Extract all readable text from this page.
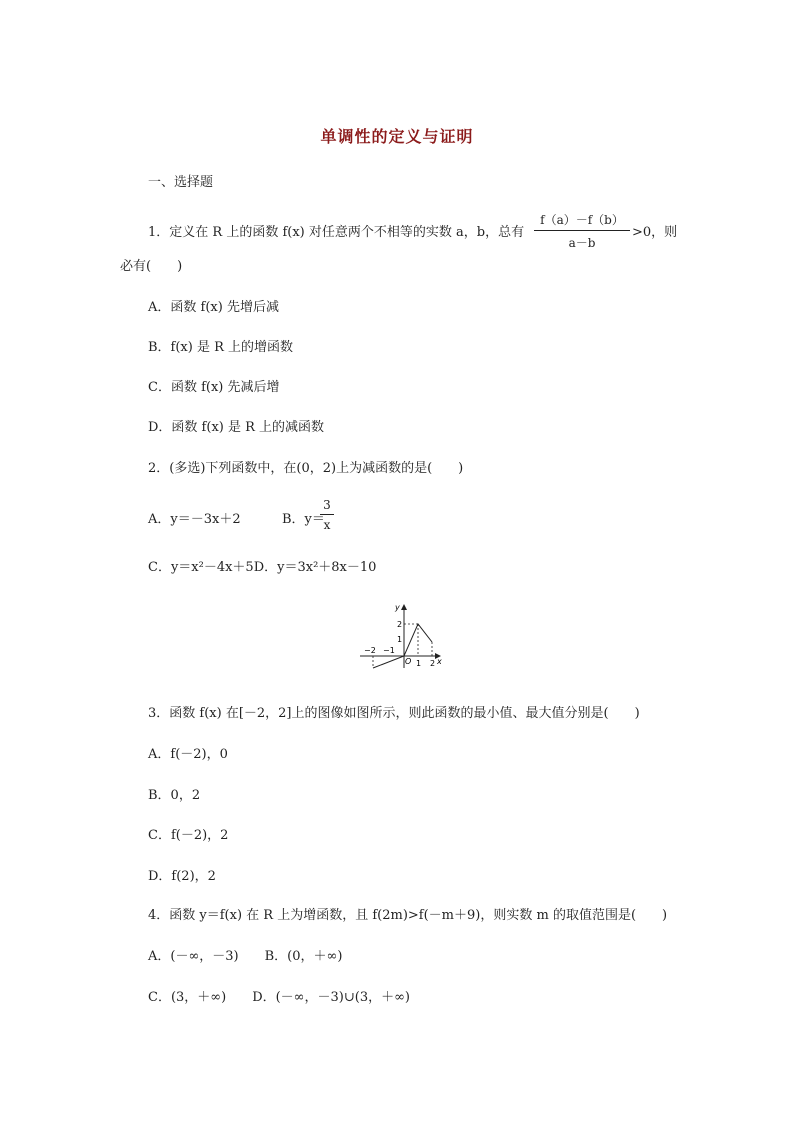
单调性的定义与证明
一、选择题
1．定义在 R 上的函数 f(x) 对任意两个不相等的实数 a，b，总有 $\frac{f(a)-f(b)}{a-b} >0$，则
必有(　　)
A．函数 f(x) 先增后减
B．f(x) 是 R 上的增函数
C．函数 f(x) 先减后增
D．函数 f(x) 是 R 上的减函数
2．(多选)下列函数中，在(0，2)上为减函数的是(　　)
A．y＝－3x＋2	B．y＝
$\frac{3}{x}$
C．y＝x²－4x＋5D．y＝3x²＋8x－10
y
x
O
2
1
−2 −1
1 2
3．函数 f(x) 在[－2，2]上的图像如图所示，则此函数的最小值、最大值分别是(　　)
A．f(－2)，0
B．0，2
C．f(－2)，2
D．f(2)，2
4．函数 y＝f(x) 在 R 上为增函数，且 f(2m)>f(－m＋9)，则实数 m 的取值范围是(　　)
A．(－∞，－3)　　B．(0，＋∞)
C．(3，＋∞)　　D．(－∞，－3)∪(3，＋∞)
